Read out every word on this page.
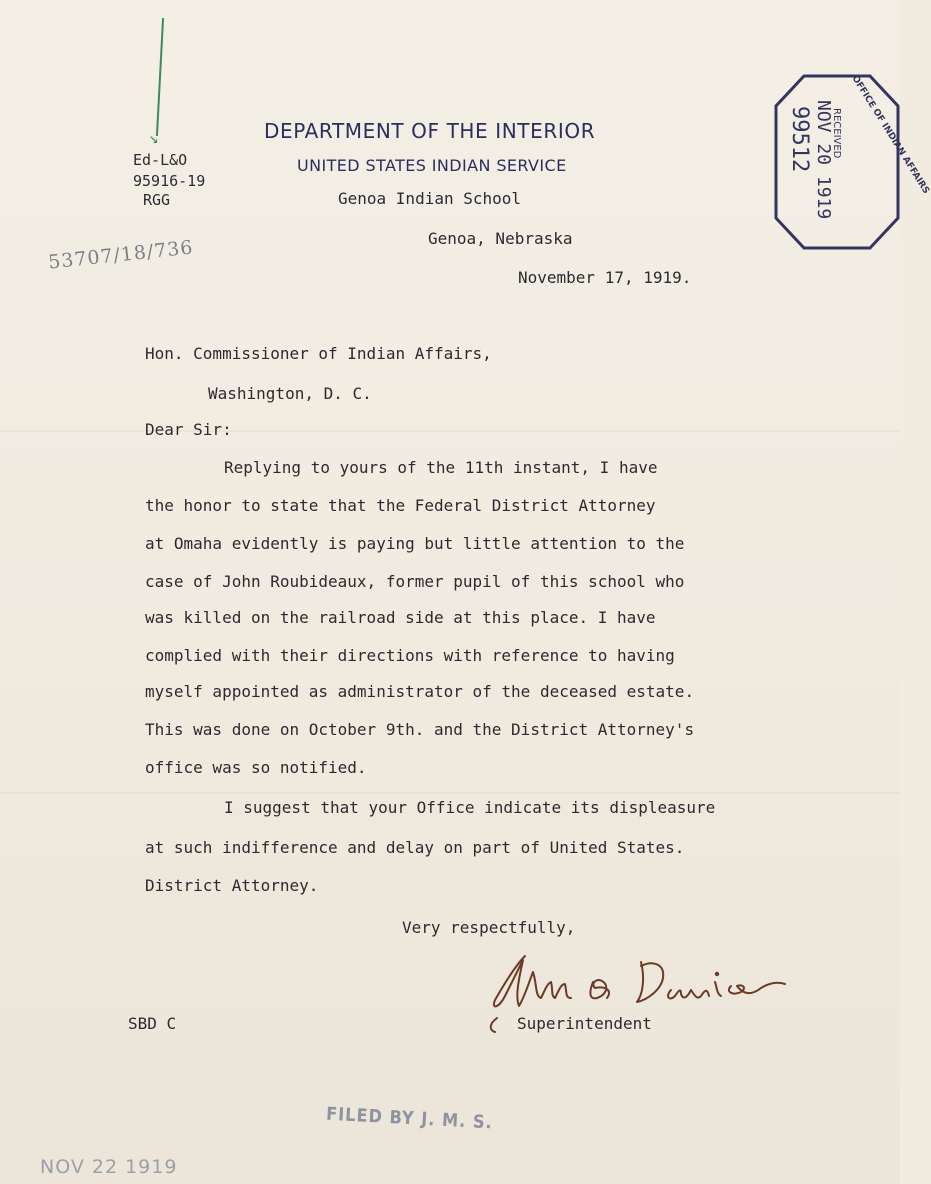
↘	DEPARTMENT OF THE INTERIOR
UNITED STATES INDIAN SERVICE
Genoa Indian School
Genoa, Nebraska
November 17, 1919.
Ed-L&O
95916-19
RGG
53707/18/736
OFFICE OF INDIAN AFFAIRS
RECEIVED
NOV 20 1919
99512
Hon. Commissioner of Indian Affairs,
Washington, D. C.
Dear Sir:
Replying to yours of the 11th instant, I have
the honor to state that the Federal District Attorney
at Omaha evidently is paying but little attention to the
case of John Roubideaux, former pupil of this school who
was killed on the railroad side at this place. I have
complied with their directions with reference to having
myself appointed as administrator of the deceased estate.
This was done on October 9th. and the District Attorney's
office was so notified.
I suggest that your Office indicate its displeasure
at such indifference and delay on part of United States.
District Attorney.
Very respectfully,
Superintendent
SBD C
FILED BY J. M. S.
NOV 22 1919
